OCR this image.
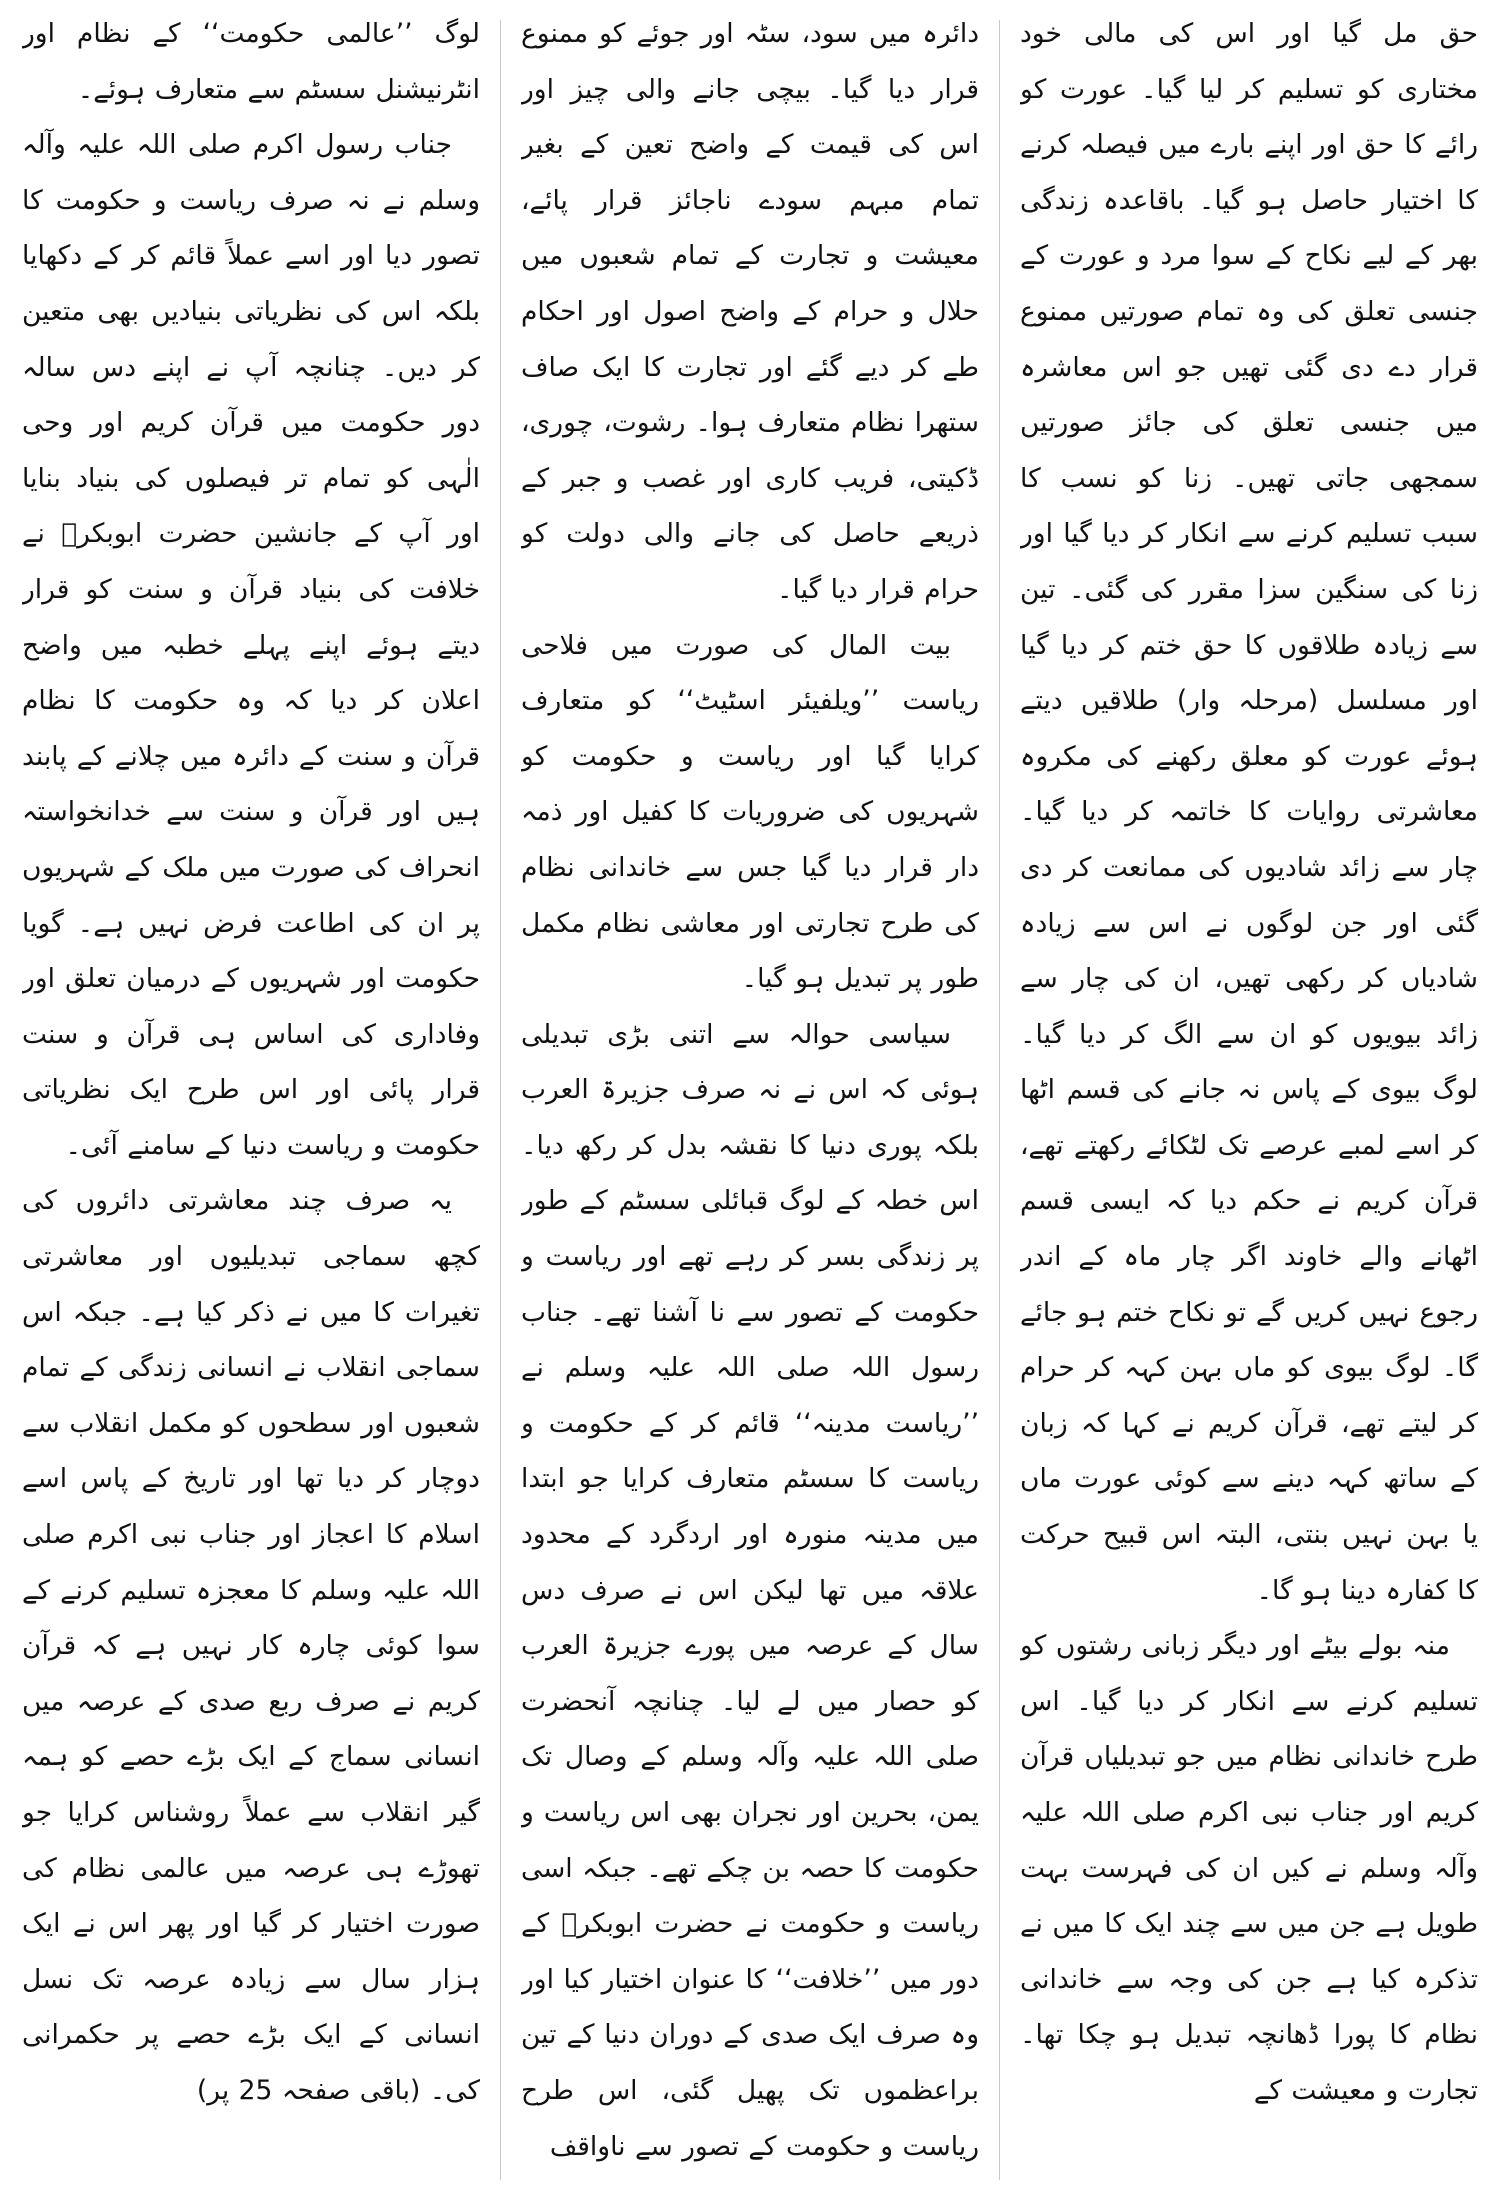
حق مل گیا اور اس کی مالی خود مختاری کو تسلیم کر لیا گیا۔ عورت کو رائے کا حق اور اپنے بارے میں فیصلہ کرنے کا اختیار حاصل ہو گیا۔ باقاعدہ زندگی بھر کے لیے نکاح کے سوا مرد و عورت کے جنسی تعلق کی وہ تمام صورتیں ممنوع قرار دے دی گئی تھیں جو اس معاشرہ میں جنسی تعلق کی جائز صورتیں سمجھی جاتی تھیں۔ زنا کو نسب کا سبب تسلیم کرنے سے انکار کر دیا گیا اور زنا کی سنگین سزا مقرر کی گئی۔ تین سے زیادہ طلاقوں کا حق ختم کر دیا گیا اور مسلسل (مرحلہ وار) طلاقیں دیتے ہوئے عورت کو معلق رکھنے کی مکروہ معاشرتی روایات کا خاتمہ کر دیا گیا۔ چار سے زائد شادیوں کی ممانعت کر دی گئی اور جن لوگوں نے اس سے زیادہ شادیاں کر رکھی تھیں، ان کی چار سے زائد بیویوں کو ان سے الگ کر دیا گیا۔ لوگ بیوی کے پاس نہ جانے کی قسم اٹھا کر اسے لمبے عرصے تک لٹکائے رکھتے تھے، قرآن کریم نے حکم دیا کہ ایسی قسم اٹھانے والے خاوند اگر چار ماہ کے اندر رجوع نہیں کریں گے تو نکاح ختم ہو جائے گا۔ لوگ بیوی کو ماں بہن کہہ کر حرام کر لیتے تھے، قرآن کریم نے کہا کہ زبان کے ساتھ کہہ دینے سے کوئی عورت ماں یا بہن نہیں بنتی، البتہ اس قبیح حرکت کا کفارہ دینا ہو گا۔

منہ بولے بیٹے اور دیگر زبانی رشتوں کو تسلیم کرنے سے انکار کر دیا گیا۔ اس طرح خاندانی نظام میں جو تبدیلیاں قرآن کریم اور جناب نبی اکرم صلی اللہ علیہ وآلہ وسلم نے کیں ان کی فہرست بہت طویل ہے جن میں سے چند ایک کا میں نے تذکرہ کیا ہے جن کی وجہ سے خاندانی نظام کا پورا ڈھانچہ تبدیل ہو چکا تھا۔ تجارت و معیشت کے

دائرہ میں سود، سٹہ اور جوئے کو ممنوع قرار دیا گیا۔ بیچی جانے والی چیز اور اس کی قیمت کے واضح تعین کے بغیر تمام مبہم سودے ناجائز قرار پائے، معیشت و تجارت کے تمام شعبوں میں حلال و حرام کے واضح اصول اور احکام طے کر دیے گئے اور تجارت کا ایک صاف ستھرا نظام متعارف ہوا۔ رشوت، چوری، ڈکیتی، فریب کاری اور غصب و جبر کے ذریعے حاصل کی جانے والی دولت کو حرام قرار دیا گیا۔

بیت المال کی صورت میں فلاحی ریاست ’’ویلفیئر اسٹیٹ‘‘ کو متعارف کرایا گیا اور ریاست و حکومت کو شہریوں کی ضروریات کا کفیل اور ذمہ دار قرار دیا گیا جس سے خاندانی نظام کی طرح تجارتی اور معاشی نظام مکمل طور پر تبدیل ہو گیا۔

سیاسی حوالہ سے اتنی بڑی تبدیلی ہوئی کہ اس نے نہ صرف جزیرۃ العرب بلکہ پوری دنیا کا نقشہ بدل کر رکھ دیا۔ اس خطہ کے لوگ قبائلی سسٹم کے طور پر زندگی بسر کر رہے تھے اور ریاست و حکومت کے تصور سے نا آشنا تھے۔ جناب رسول اللہ صلی اللہ علیہ وسلم نے ’’ریاست مدینہ‘‘ قائم کر کے حکومت و ریاست کا سسٹم متعارف کرایا جو ابتدا میں مدینہ منورہ اور اردگرد کے محدود علاقہ میں تھا لیکن اس نے صرف دس سال کے عرصہ میں پورے جزیرۃ العرب کو حصار میں لے لیا۔ چنانچہ آنحضرت صلی اللہ علیہ وآلہ وسلم کے وصال تک یمن، بحرین اور نجران بھی اس ریاست و حکومت کا حصہ بن چکے تھے۔ جبکہ اسی ریاست و حکومت نے حضرت ابوبکرؓ کے دور میں ’’خلافت‘‘ کا عنوان اختیار کیا اور وہ صرف ایک صدی کے دوران دنیا کے تین براعظموں تک پھیل گئی، اس طرح ریاست و حکومت کے تصور سے ناواقف

لوگ ’’عالمی حکومت‘‘ کے نظام اور انٹرنیشنل سسٹم سے متعارف ہوئے۔

جناب رسول اکرم صلی اللہ علیہ وآلہ وسلم نے نہ صرف ریاست و حکومت کا تصور دیا اور اسے عملاً قائم کر کے دکھایا بلکہ اس کی نظریاتی بنیادیں بھی متعین کر دیں۔ چنانچہ آپ نے اپنے دس سالہ دور حکومت میں قرآن کریم اور وحی الٰہی کو تمام تر فیصلوں کی بنیاد بنایا اور آپ کے جانشین حضرت ابوبکرؓ نے خلافت کی بنیاد قرآن و سنت کو قرار دیتے ہوئے اپنے پہلے خطبہ میں واضح اعلان کر دیا کہ وہ حکومت کا نظام قرآن و سنت کے دائرہ میں چلانے کے پابند ہیں اور قرآن و سنت سے خدانخواستہ انحراف کی صورت میں ملک کے شہریوں پر ان کی اطاعت فرض نہیں ہے۔ گویا حکومت اور شہریوں کے درمیان تعلق اور وفاداری کی اساس ہی قرآن و سنت قرار پائی اور اس طرح ایک نظریاتی حکومت و ریاست دنیا کے سامنے آئی۔

یہ صرف چند معاشرتی دائروں کی کچھ سماجی تبدیلیوں اور معاشرتی تغیرات کا میں نے ذکر کیا ہے۔ جبکہ اس سماجی انقلاب نے انسانی زندگی کے تمام شعبوں اور سطحوں کو مکمل انقلاب سے دوچار کر دیا تھا اور تاریخ کے پاس اسے اسلام کا اعجاز اور جناب نبی اکرم صلی اللہ علیہ وسلم کا معجزہ تسلیم کرنے کے سوا کوئی چارہ کار نہیں ہے کہ قرآن کریم نے صرف ربع صدی کے عرصہ میں انسانی سماج کے ایک بڑے حصے کو ہمہ گیر انقلاب سے عملاً روشناس کرایا جو تھوڑے ہی عرصہ میں عالمی نظام کی صورت اختیار کر گیا اور پھر اس نے ایک ہزار سال سے زیادہ عرصہ تک نسل انسانی کے ایک بڑے حصے پر حکمرانی کی۔ (باقی صفحہ 25 پر)
